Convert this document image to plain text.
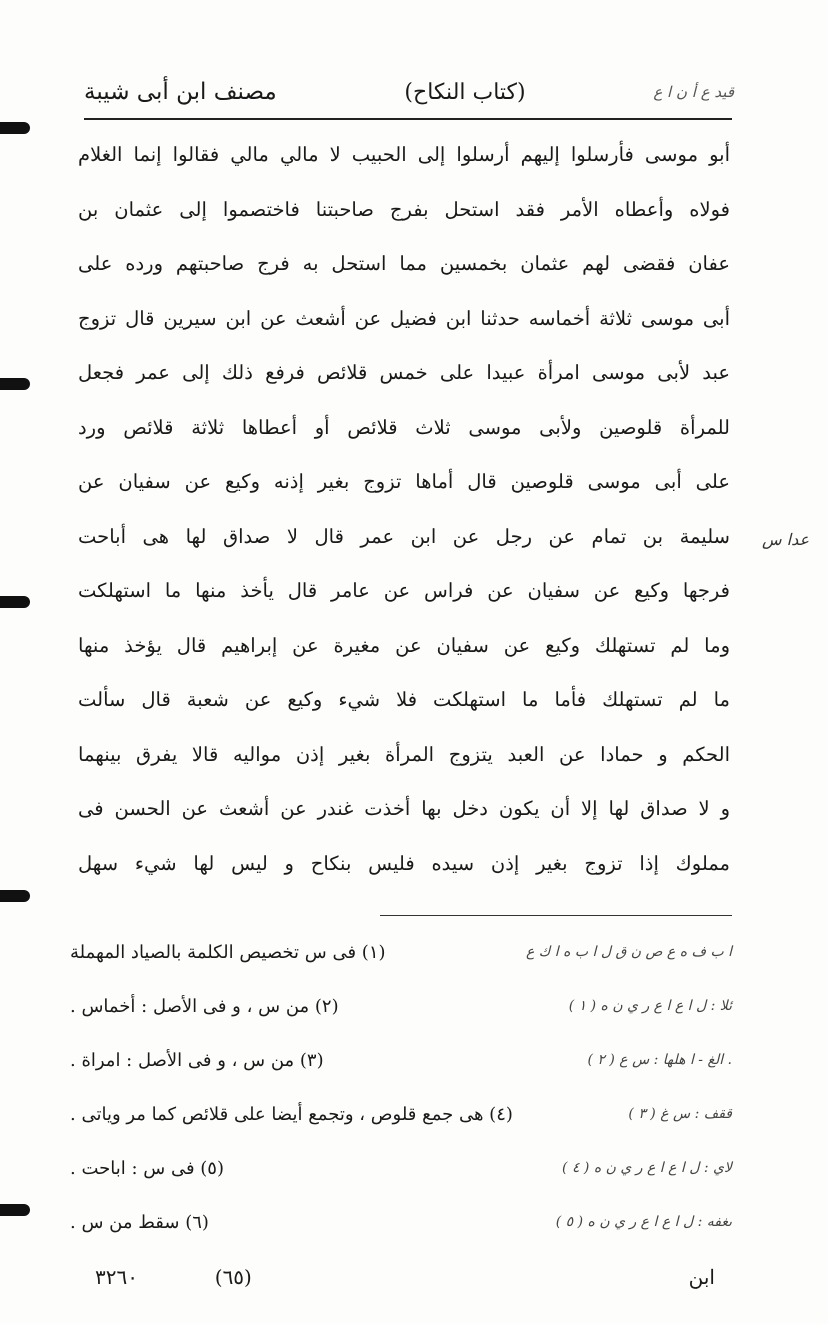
مصنف ابن أبى شيبة	(كتاب النكاح)	قيد ع أ ن ا ع
أبو موسى فأرسلوا إليهم أرسلوا إلى الحبيب لا مالي مالي فقالوا إنما الغلام
فولاه وأعطاه الأمر فقد استحل بفرج صاحبتنا فاختصموا إلى عثمان بن
عفان فقضى لهم عثمان بخمسين مما استحل به فرج صاحبتهم ورده على
أبى موسى ثلاثة أخماسه حدثنا ابن فضيل عن أشعث عن ابن سيرين قال تزوج
عبد لأبى موسى امرأة عبيدا على خمس قلائص فرفع ذلك إلى عمر فجعل
للمرأة قلوصين ولأبى موسى ثلاث قلائص أو أعطاها ثلاثة قلائص ورد
على أبى موسى قلوصين قال أماها تزوج بغير إذنه وكيع عن سفيان عن
سليمة بن تمام عن رجل عن ابن عمر قال لا صداق لها هى أباحت
فرجها وكيع عن سفيان عن فراس عن عامر قال يأخذ منها ما استهلكت
وما لم تستهلك وكيع عن سفيان عن مغيرة عن إبراهيم قال يؤخذ منها
ما لم تستهلك فأما ما استهلكت فلا شيء وكيع عن شعبة قال سألت
الحكم و حمادا عن العبد يتزوج المرأة بغير إذن مواليه قالا يفرق بينهما
و لا صداق لها إلا أن يكون دخل بها أخذت غندر عن أشعث عن الحسن فى
مملوك إذا تزوج بغير إذن سيده فليس بنكاح و ليس لها شيء سهل
عدا س
(١) فى س تخصيص الكلمة بالصياد المهملة	ا ب ف ه ع ص ن ق ل ا ب ه ا ك ع
(٢) من س ، و فى الأصل : أخماس .	ئلا : ل ا ع ا ع ر ي ن ه ( ١ )
(٣) من س ، و فى الأصل : امراة .	. الغ - ا هلها : س ع ( ٢ )
(٤) هى جمع قلوص ، وتجمع أيضا على قلائص كما مر وياتى .	ققف : س غ ( ٣ )
(٥) فى س : اباحت .	لاي : ل ا ع ا ع ر ي ن ه ( ٤ )
(٦) سقط من س .	ىغفه : ل ا ع ا ع ر ي ن ه ( ٥ )
٣٢٦٠	(٦٥)	ابن
